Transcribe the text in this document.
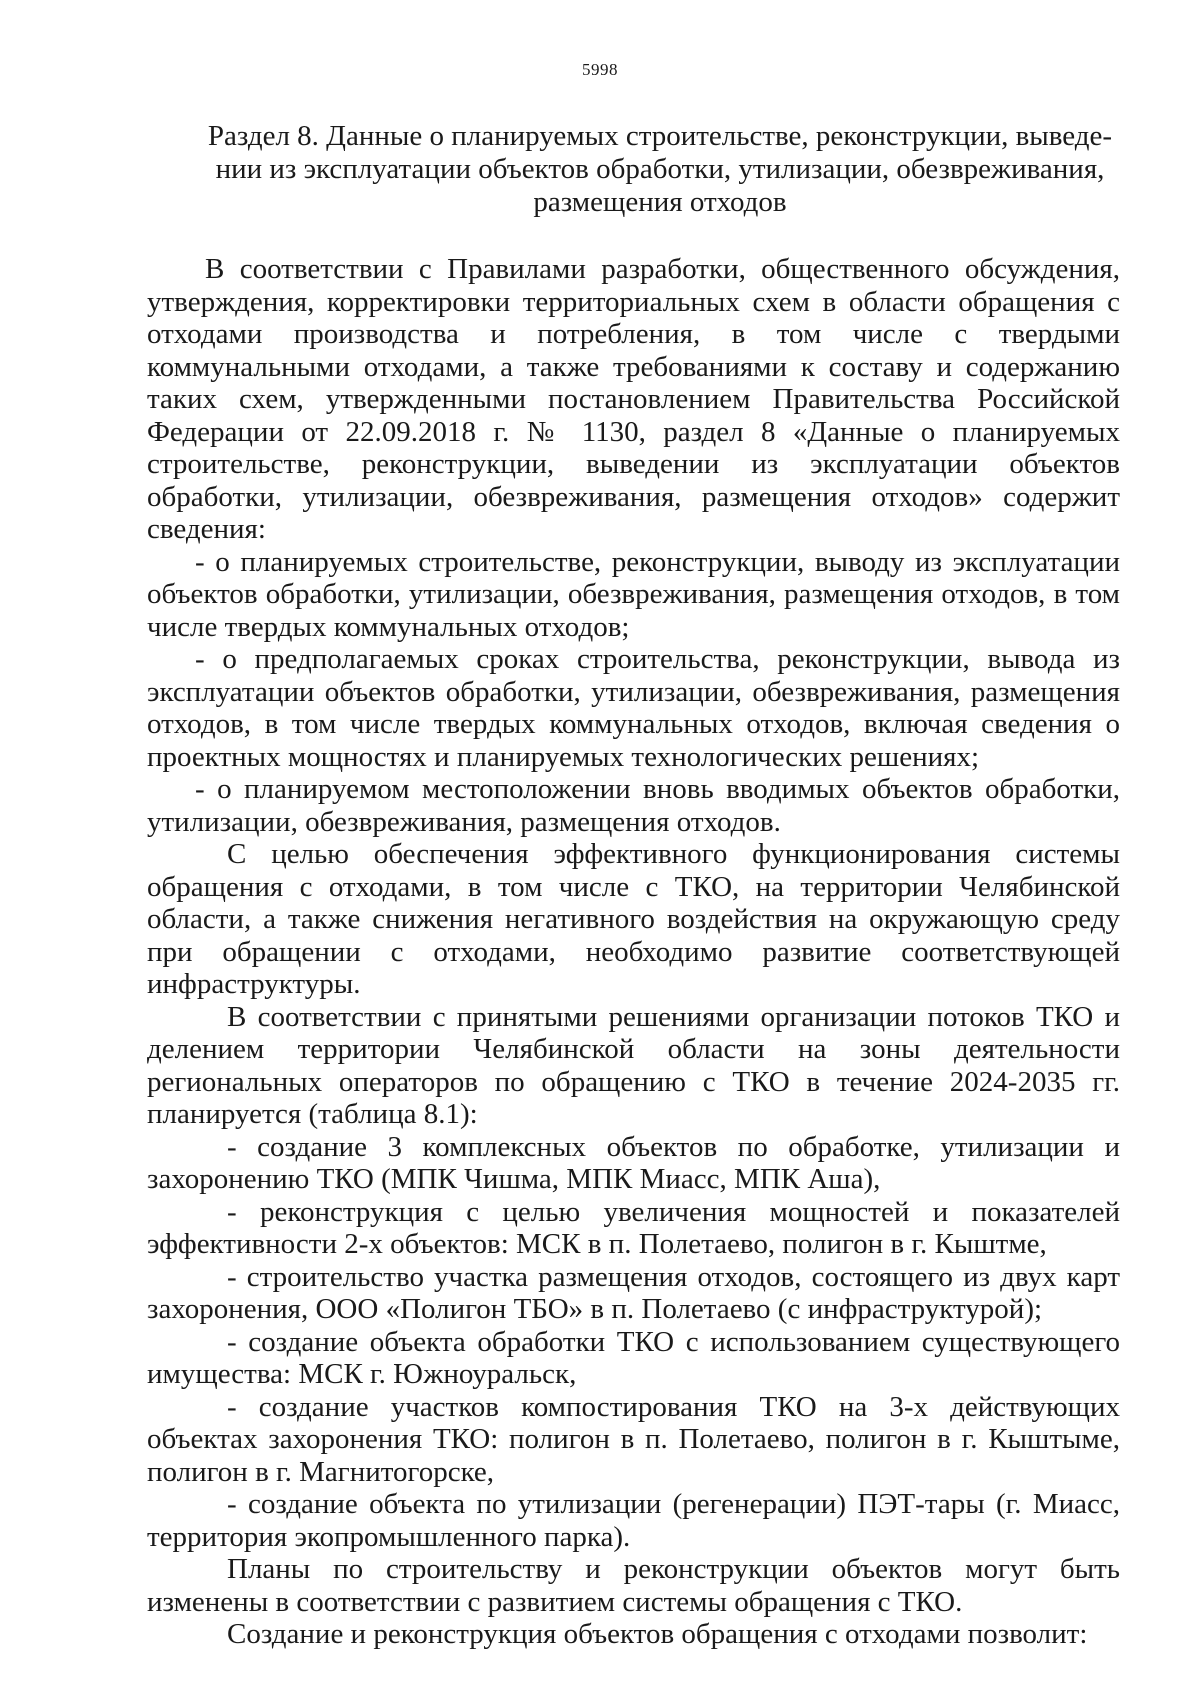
5998
Раздел 8. Данные о планируемых строительстве, реконструкции, выведе-
нии из эксплуатации объектов обработки, утилизации, обезвреживания,
размещения отходов

В соответствии с Правилами разработки, общественного обсуждения, утверждения, корректировки территориальных схем в области обращения с отходами производства и потребления, в том числе с твердыми коммунальными отходами, а также требованиями к составу и содержанию таких схем, утвержденными постановлением Правительства Российской Федерации от 22.09.2018 г. № 1130, раздел 8 «Данные о планируемых строительстве, реконструкции, выведении из эксплуатации объектов обработки, утилизации, обезвреживания, размещения отходов» содержит сведения:

- о планируемых строительстве, реконструкции, выводу из эксплуатации объектов обработки, утилизации, обезвреживания, размещения отходов, в том числе твердых коммунальных отходов;

- о предполагаемых сроках строительства, реконструкции, вывода из эксплуатации объектов обработки, утилизации, обезвреживания, размещения отходов, в том числе твердых коммунальных отходов, включая сведения о проектных мощностях и планируемых технологических решениях;

- о планируемом местоположении вновь вводимых объектов обработки, утилизации, обезвреживания, размещения отходов.

С целью обеспечения эффективного функционирования системы обращения с отходами, в том числе с ТКО, на территории Челябинской области, а также снижения негативного воздействия на окружающую среду при обращении с отходами, необходимо развитие соответствующей инфраструктуры.

В соответствии с принятыми решениями организации потоков ТКО и делением территории Челябинской области на зоны деятельности региональных операторов по обращению с ТКО в течение 2024-2035 гг. планируется (таблица 8.1):

- создание 3 комплексных объектов по обработке, утилизации и захоронению ТКО (МПК Чишма, МПК Миасс, МПК Аша),

- реконструкция с целью увеличения мощностей и показателей эффективности 2-х объектов: МСК в п. Полетаево, полигон в г. Кыштме,

- строительство участка размещения отходов, состоящего из двух карт захоронения, ООО «Полигон ТБО» в п. Полетаево (с инфраструктурой);

- создание объекта обработки ТКО с использованием существующего имущества: МСК г. Южноуральск,

- создание участков компостирования ТКО на 3-х действующих объектах захоронения ТКО: полигон в п. Полетаево, полигон в г. Кыштыме, полигон в г. Магнитогорске,

- создание объекта по утилизации (регенерации) ПЭТ-тары (г. Миасс, территория экопромышленного парка).

Планы по строительству и реконструкции объектов могут быть изменены в соответствии с развитием системы обращения с ТКО.

Создание и реконструкция объектов обращения с отходами позволит:
